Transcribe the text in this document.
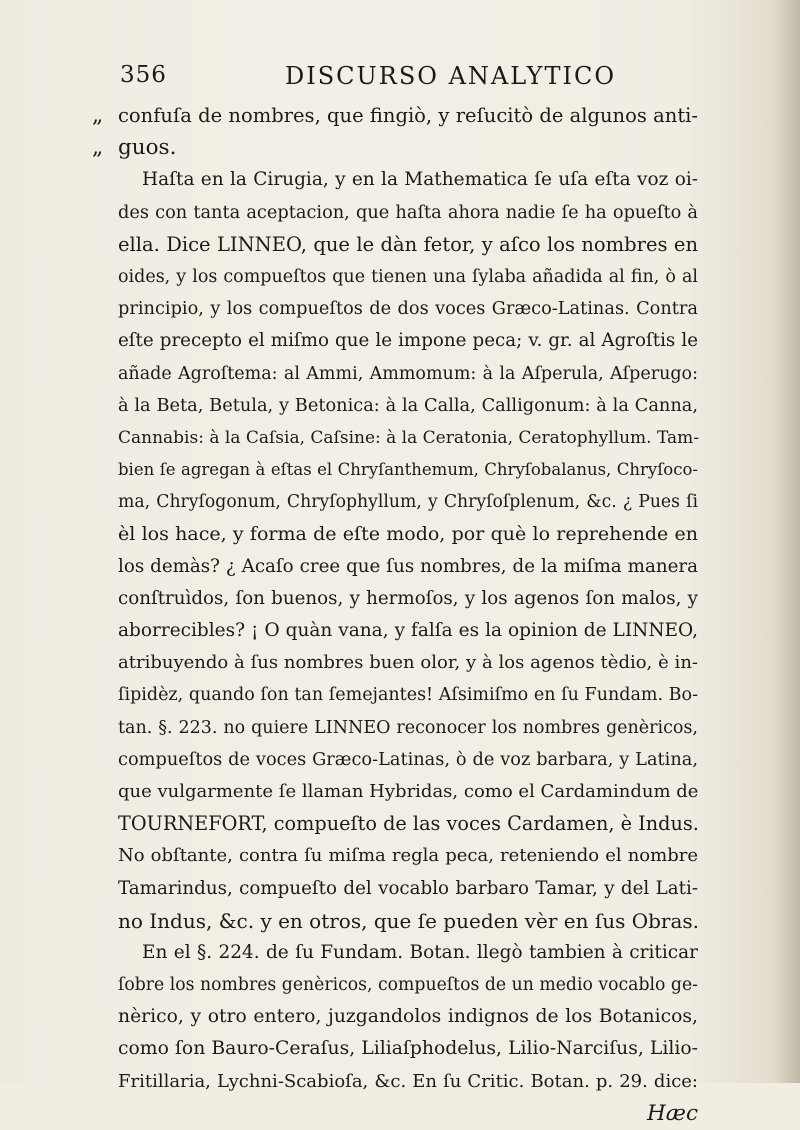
356	DISCURSO ANALYTICO
„ confuſa de nombres, que fingiò, y reſucitò de algunos anti-
„ guos.
Haſta en la Cirugia, y en la Mathematica ſe uſa eſta voz oi-
des con tanta aceptacion, que haſta ahora nadie ſe ha opueſto à
ella. Dice LINNEO, que le dàn fetor, y aſco los nombres en
oides, y los compueſtos que tienen una ſylaba añadida al fin, ò al
principio, y los compueſtos de dos voces Græco-Latinas. Contra
eſte precepto el miſmo que le impone peca; v. gr. al Agroſtis le
añade Agroſtema: al Ammi, Ammomum: à la Aſperula, Aſperugo:
à la Beta, Betula, y Betonica: à la Calla, Calligonum: à la Canna,
Cannabis: à la Caſsia, Caſsine: à la Ceratonia, Ceratophyllum. Tam-
bien ſe agregan à eſtas el Chryſanthemum, Chryſobalanus, Chryſoco-
ma, Chryſogonum, Chryſophyllum, y Chryſoſplenum, &c. ¿ Pues ſi
èl los hace, y forma de eſte modo, por què lo reprehende en
los demàs? ¿ Acaſo cree que ſus nombres, de la miſma manera
conſtruìdos, ſon buenos, y hermoſos, y los agenos ſon malos, y
aborrecibles? ¡ O quàn vana, y falſa es la opinion de LINNEO,
atribuyendo à ſus nombres buen olor, y à los agenos tèdio, è in-
ſipidèz, quando ſon tan ſemejantes! Aſsimiſmo en ſu Fundam. Bo-
tan. §. 223. no quiere LINNEO reconocer los nombres genèricos,
compueſtos de voces Græco-Latinas, ò de voz barbara, y Latina,
que vulgarmente ſe llaman Hybridas, como el Cardamindum de
TOURNEFORT, compueſto de las voces Cardamen, è Indus.
No obſtante, contra ſu miſma regla peca, reteniendo el nombre
Tamarindus, compueſto del vocablo barbaro Tamar, y del Lati-
no Indus, &c. y en otros, que ſe pueden vèr en ſus Obras.
En el §. 224. de ſu Fundam. Botan. llegò tambien à criticar
ſobre los nombres genèricos, compueſtos de un medio vocablo ge-
nèrico, y otro entero, juzgandolos indignos de los Botanicos,
como ſon Bauro-Ceraſus, Liliaſphodelus, Lilio-Narciſus, Lilio-
Fritillaria, Lychni-Scabioſa, &c. En ſu Critic. Botan. p. 29. dice:
Hæc
